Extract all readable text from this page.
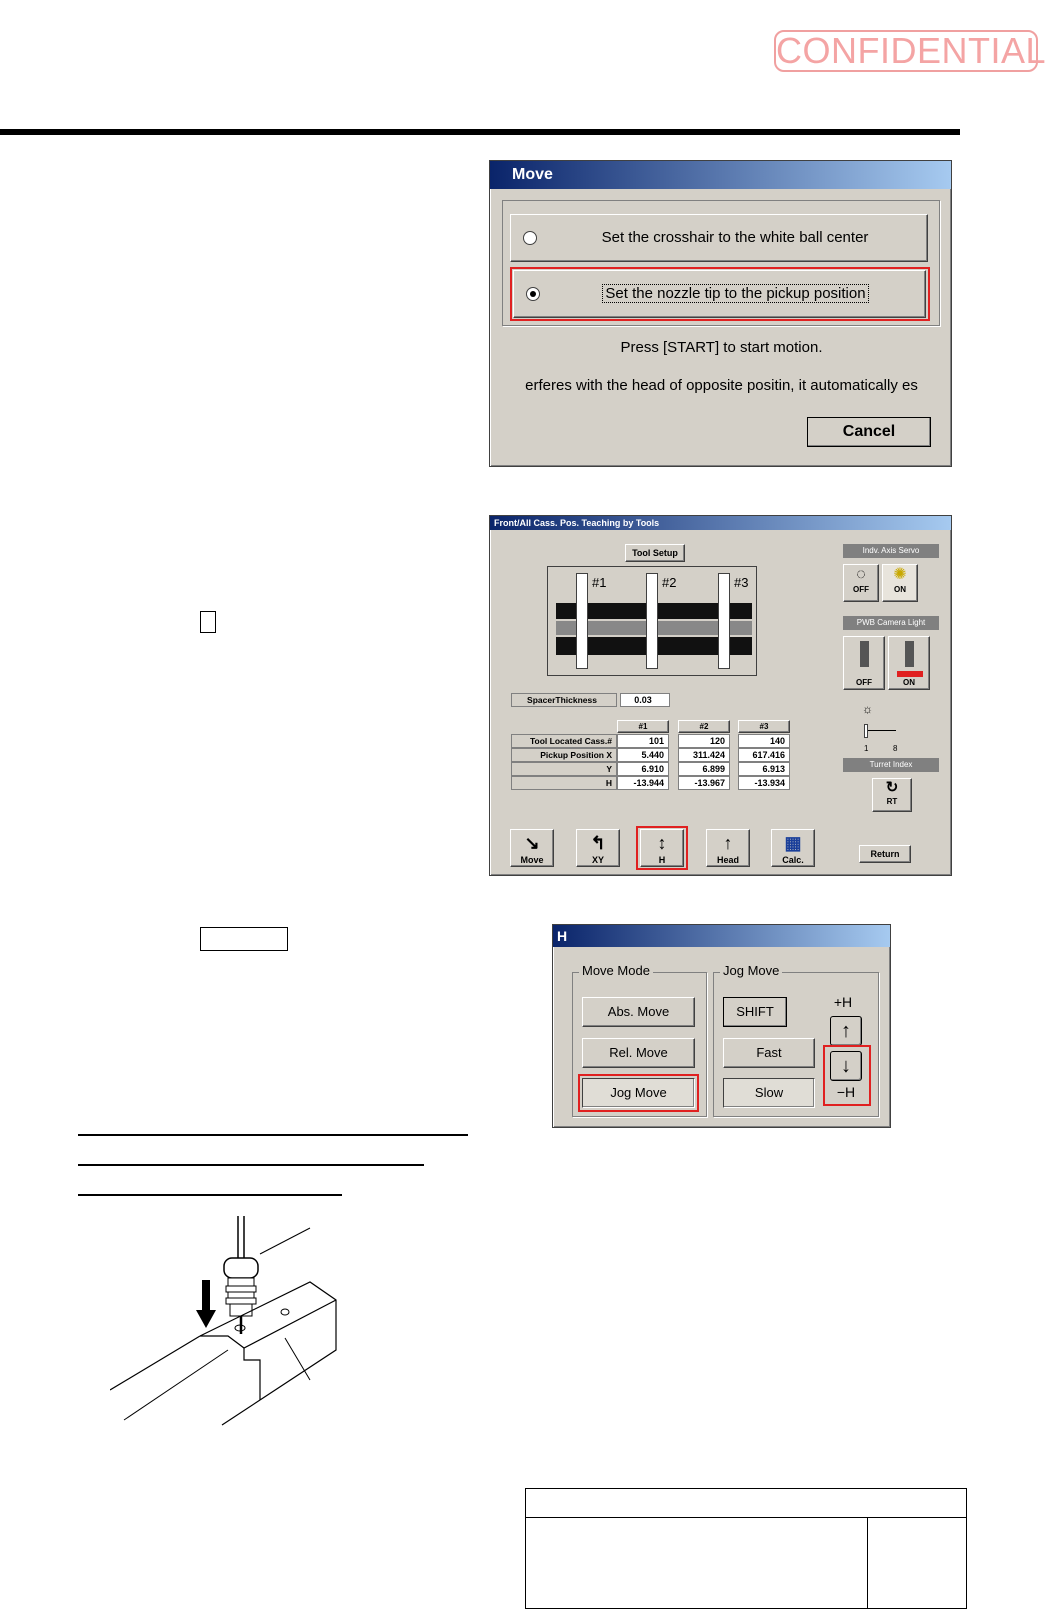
CONFIDENTIAL
Move
Set the crosshair to the white ball center
Set the nozzle tip to the pickup position
Press [START] to start motion.
erferes with the head of opposite positin, it automatically es
Cancel
Front/All Cass. Pos. Teaching by Tools
Tool Setup
#1	#2	#3
Indv. Axis Servo
◌
OFF
✺
ON
PWB Camera Light
OFF	ON
☼
1	8
Turret Index
↻
RT
SpacerThickness	0.03
#1	#2	#3
Tool Located Cass.#	101	120	140
Pickup Position X	5.440	311.424	617.416
Y	6.910	6.899	6.913
H	-13.944	-13.967	-13.934
↘
Move
↰
XY
↕
H
↑
Head
▦
Calc.
Return
H
Move Mode
Abs. Move
Rel. Move
Jog Move
Jog Move
SHIFT
Fast
Slow
+H
↑
↓
−H
